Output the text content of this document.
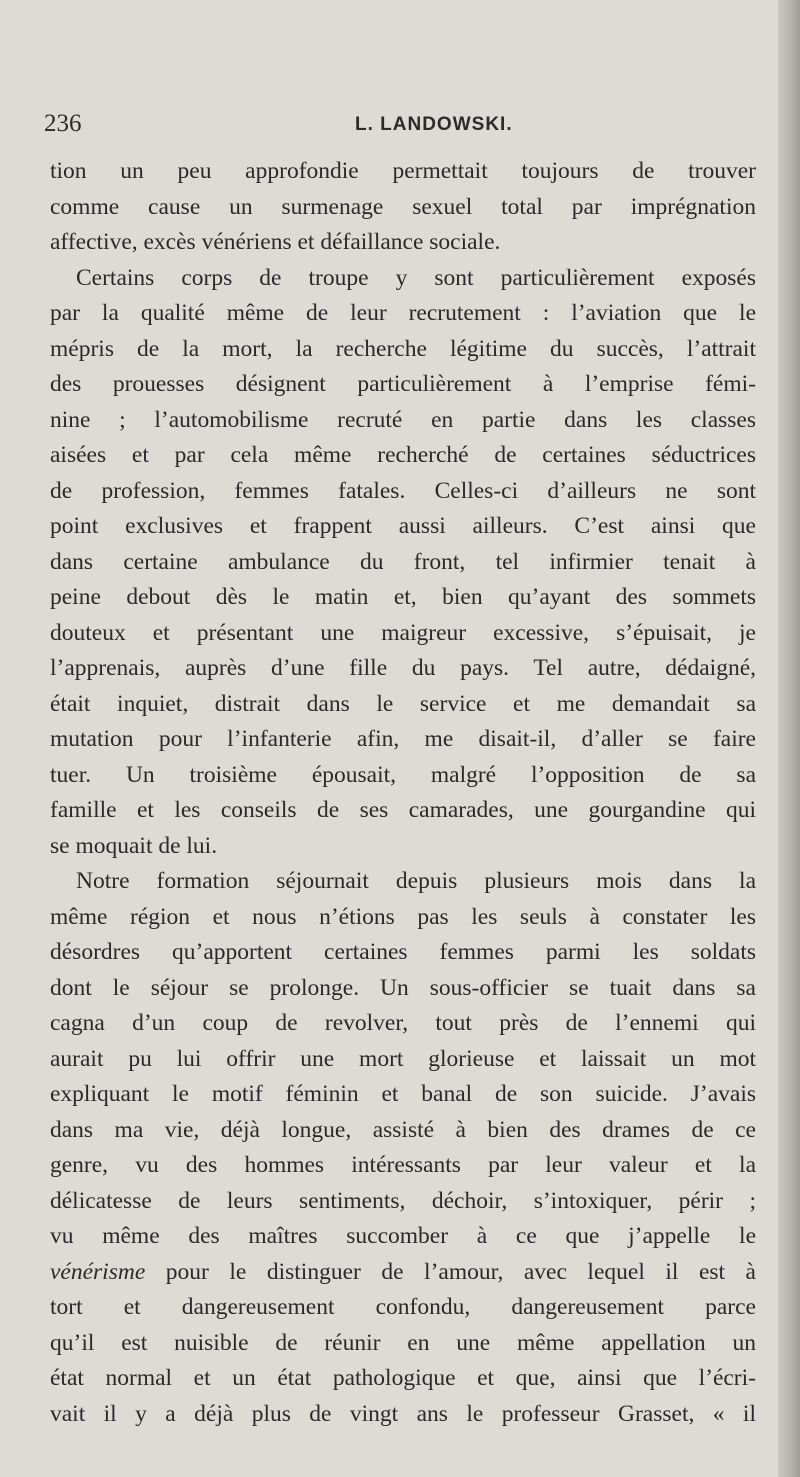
236	L. LANDOWSKI.
tion un peu approfondie permettait toujours de trouver
comme cause un surmenage sexuel total par imprégnation
affective, excès vénériens et défaillance sociale.
Certains corps de troupe y sont particulièrement exposés
par la qualité même de leur recrutement : l’aviation que le
mépris de la mort, la recherche légitime du succès, l’attrait
des prouesses désignent particulièrement à l’emprise fémi-
nine ; l’automobilisme recruté en partie dans les classes
aisées et par cela même recherché de certaines séductrices
de profession, femmes fatales. Celles-ci d’ailleurs ne sont
point exclusives et frappent aussi ailleurs. C’est ainsi que
dans certaine ambulance du front, tel infirmier tenait à
peine debout dès le matin et, bien qu’ayant des sommets
douteux et présentant une maigreur excessive, s’épuisait, je
l’apprenais, auprès d’une fille du pays. Tel autre, dédaigné,
était inquiet, distrait dans le service et me demandait sa
mutation pour l’infanterie afin, me disait-il, d’aller se faire
tuer. Un troisième épousait, malgré l’opposition de sa
famille et les conseils de ses camarades, une gourgandine qui
se moquait de lui.
Notre formation séjournait depuis plusieurs mois dans la
même région et nous n’étions pas les seuls à constater les
désordres qu’apportent certaines femmes parmi les soldats
dont le séjour se prolonge. Un sous-officier se tuait dans sa
cagna d’un coup de revolver, tout près de l’ennemi qui
aurait pu lui offrir une mort glorieuse et laissait un mot
expliquant le motif féminin et banal de son suicide. J’avais
dans ma vie, déjà longue, assisté à bien des drames de ce
genre, vu des hommes intéressants par leur valeur et la
délicatesse de leurs sentiments, déchoir, s’intoxiquer, périr ;
vu même des maîtres succomber à ce que j’appelle le
vénérisme pour le distinguer de l’amour, avec lequel il est à
tort et dangereusement confondu, dangereusement parce
qu’il est nuisible de réunir en une même appellation un
état normal et un état pathologique et que, ainsi que l’écri-
vait il y a déjà plus de vingt ans le professeur Grasset, « il
